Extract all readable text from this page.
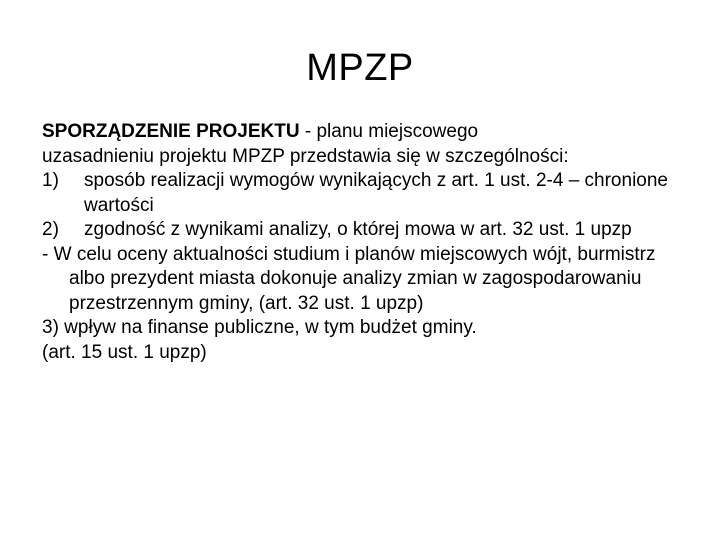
MPZP
SPORZĄDZENIE PROJEKTU - planu miejscowego
uzasadnieniu projektu MPZP przedstawia się w szczególności:
1)	sposób realizacji wymogów wynikających z art. 1 ust. 2-4 – chronione wartości
2)	zgodność z wynikami analizy, o której mowa w art. 32 ust. 1 upzp
- W celu oceny aktualności studium i planów miejscowych wójt, burmistrz albo prezydent miasta dokonuje analizy zmian w zagospodarowaniu przestrzennym gminy, (art. 32 ust. 1 upzp)
3) wpływ na finanse publiczne, w tym budżet gminy.
(art. 15 ust. 1 upzp)
